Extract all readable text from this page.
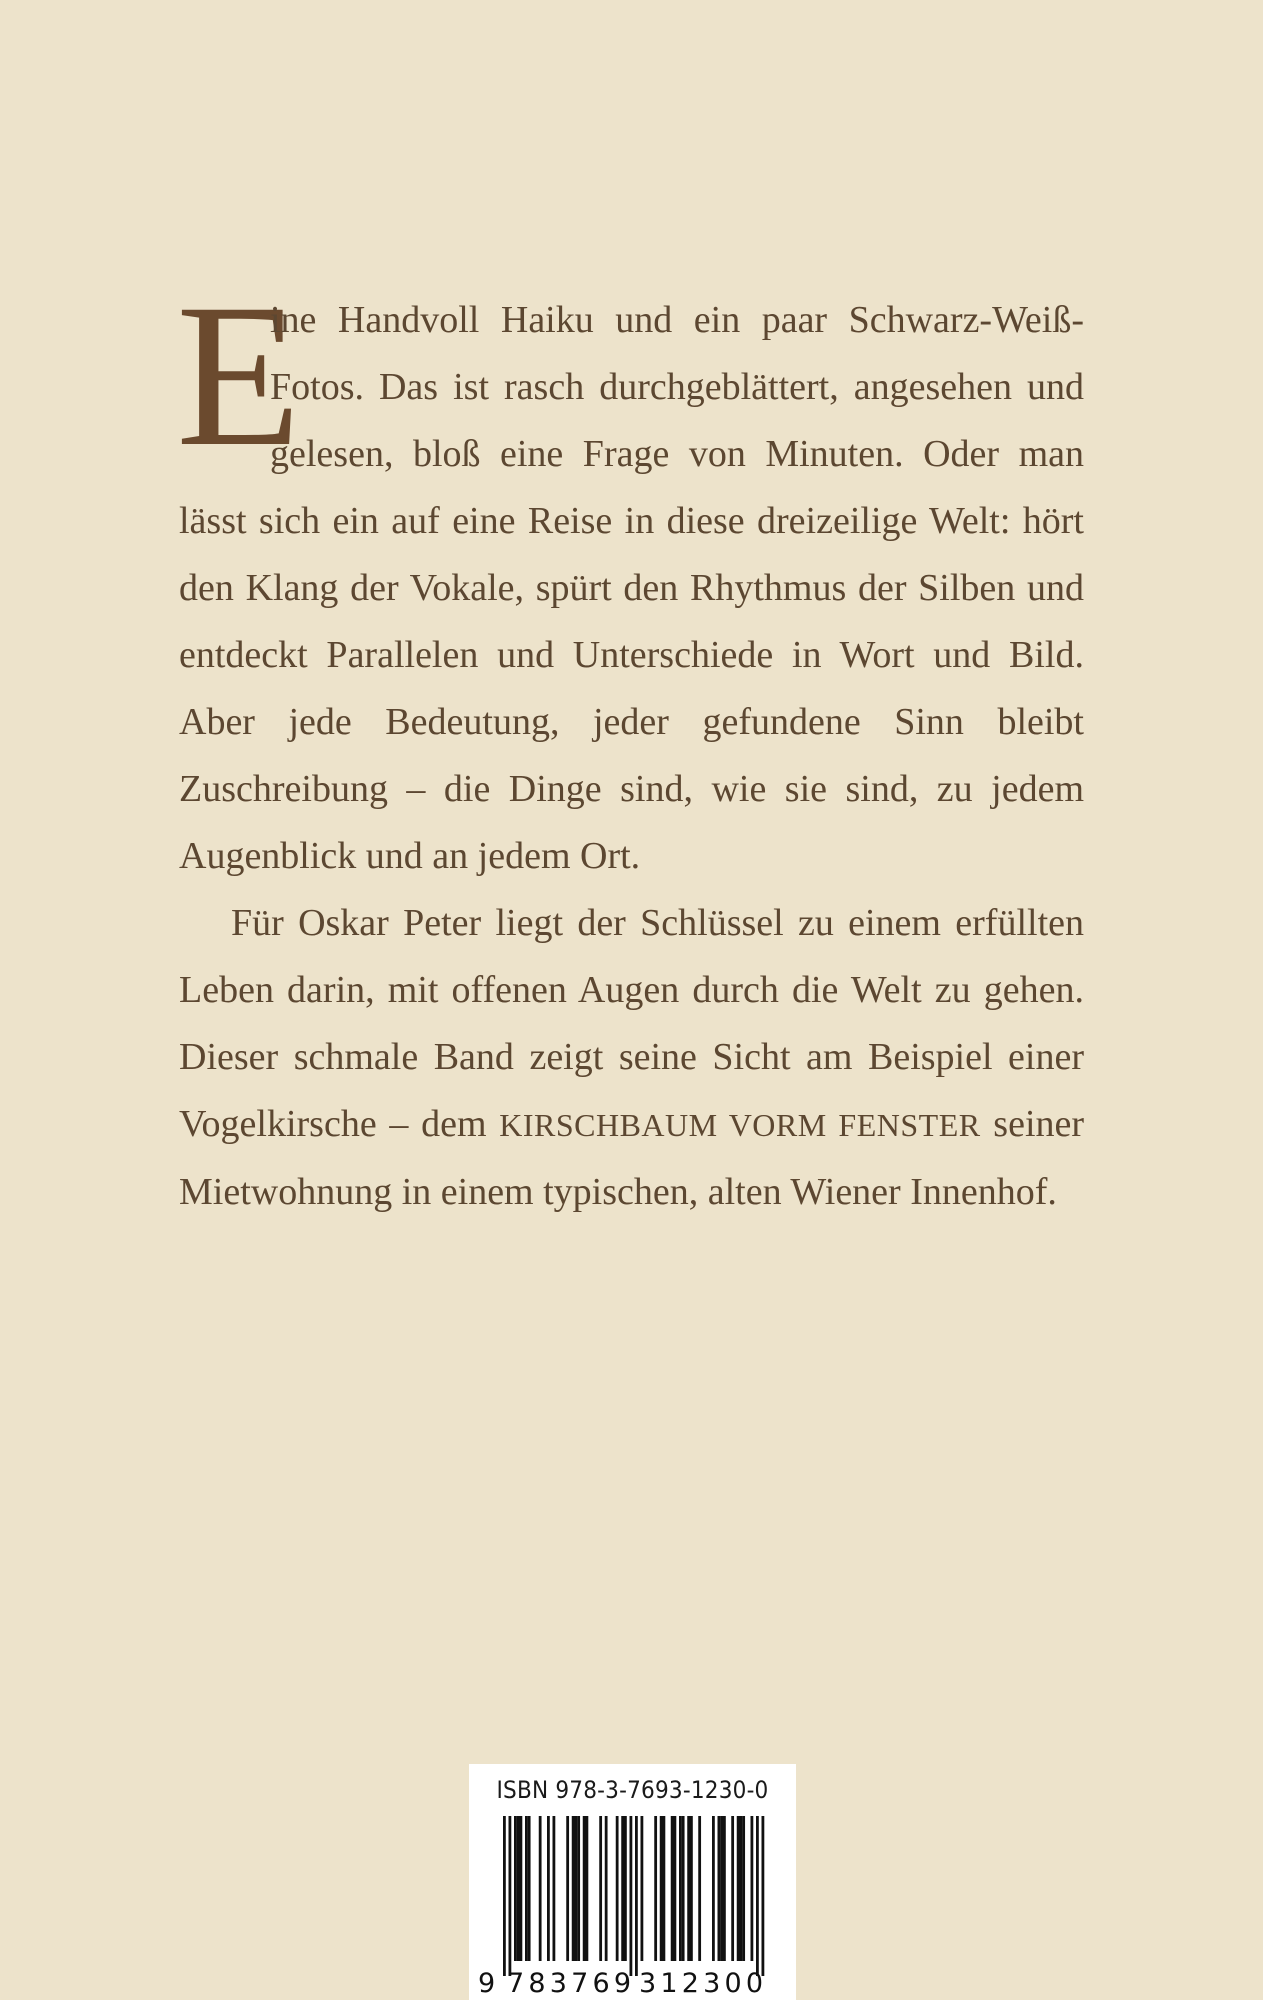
E
ine Handvoll Haiku und ein paar Schwarz-Weiß-Fotos. Das ist rasch durchgeblättert, angesehen und gelesen, bloß eine Frage von Minuten. Oder man lässt sich ein auf eine Reise in diese dreizeilige Welt: hört den Klang der Vokale, spürt den Rhythmus der Silben und entdeckt Parallelen und Unterschiede in Wort und Bild. Aber jede Bedeutung, jeder gefundene Sinn bleibt Zuschreibung – die Dinge sind, wie sie sind, zu jedem Augenblick und an jedem Ort.

Für Oskar Peter liegt der Schlüssel zu einem erfüllten Leben darin, mit offenen Augen durch die Welt zu gehen. Dieser schmale Band zeigt seine Sicht am Beispiel einer Vogelkirsche – dem KIRSCHBAUM VORM FENSTER seiner Mietwohnung in einem typischen, alten Wiener Innenhof.

ISBN 978-3-7693-1230-0
9 783769 312300
